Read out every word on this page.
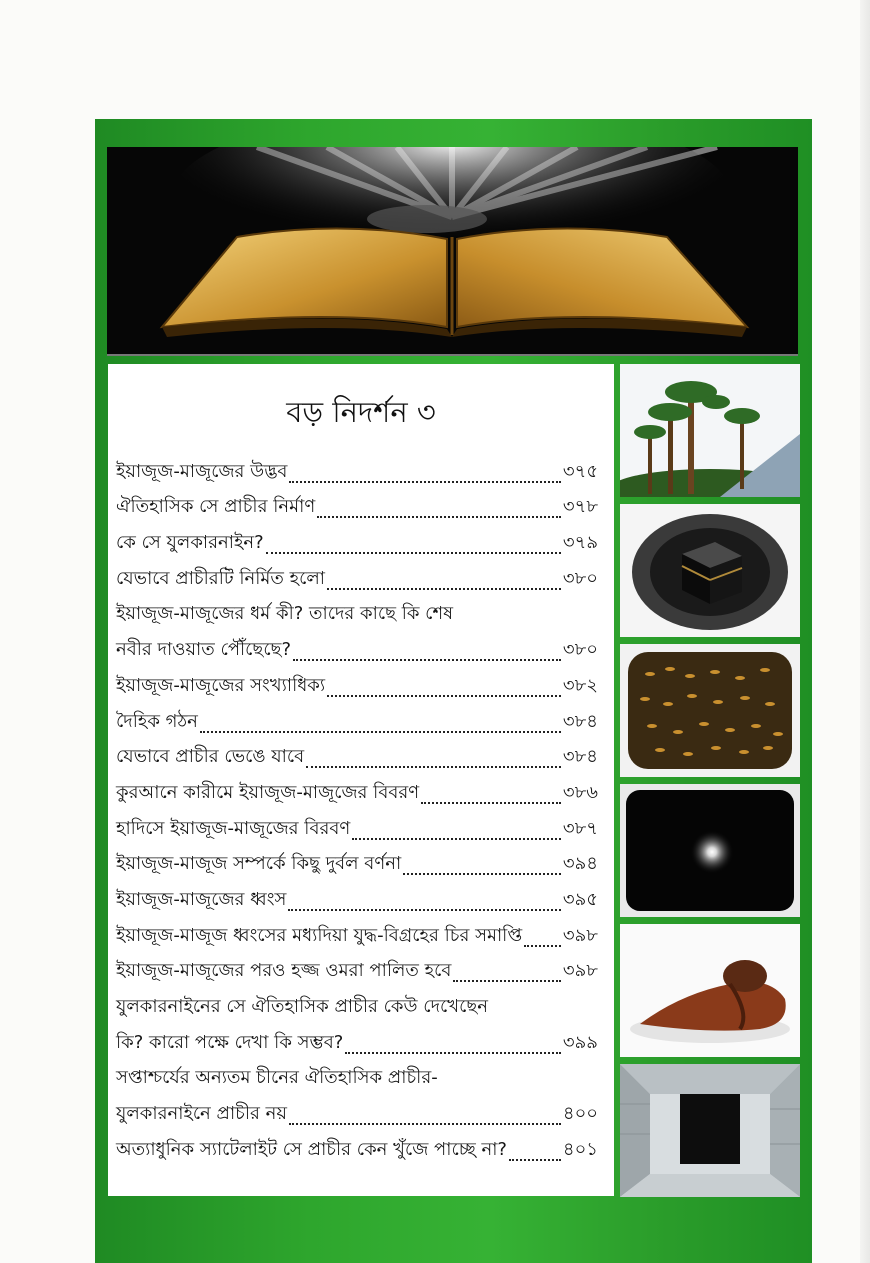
বড় নিদর্শন ৩
ইয়াজূজ-মাজূজের উদ্ভব	৩৭৫
ঐতিহাসিক সে প্রাচীর নির্মাণ	৩৭৮
কে সে যুলকারনাইন?	৩৭৯
যেভাবে প্রাচীরটি নির্মিত হলো	৩৮০
ইয়াজূজ-মাজূজের ধর্ম কী? তাদের কাছে কি শেষ
নবীর দাওয়াত পৌঁছেছে?	৩৮০
ইয়াজূজ-মাজূজের সংখ্যাধিক্য	৩৮২
দৈহিক গঠন	৩৮৪
যেভাবে প্রাচীর ভেঙে যাবে	৩৮৪
কুরআনে কারীমে ইয়াজূজ-মাজূজের বিবরণ	৩৮৬
হাদিসে ইয়াজূজ-মাজূজের বিরবণ	৩৮৭
ইয়াজূজ-মাজূজ সম্পর্কে কিছু দুর্বল বর্ণনা	৩৯৪
ইয়াজূজ-মাজূজের ধ্বংস	৩৯৫
ইয়াজূজ-মাজূজ ধ্বংসের মধ্যদিয়া যুদ্ধ-বিগ্রহের চির সমাপ্তি ৩৯৮
ইয়াজূজ-মাজূজের পরও হজ্জ ওমরা পালিত হবে	৩৯৮
যুলকারনাইনের সে ঐতিহাসিক প্রাচীর কেউ দেখেছেন
কি? কারো পক্ষে দেখা কি সম্ভব?	৩৯৯
সপ্তাশ্চর্যের অন্যতম চীনের ঐতিহাসিক প্রাচীর-
যুলকারনাইনে প্রাচীর নয়	৪০০
অত্যাধুনিক স্যাটেলাইট সে প্রাচীর কেন খুঁজে পাচ্ছে না?	৪০১
